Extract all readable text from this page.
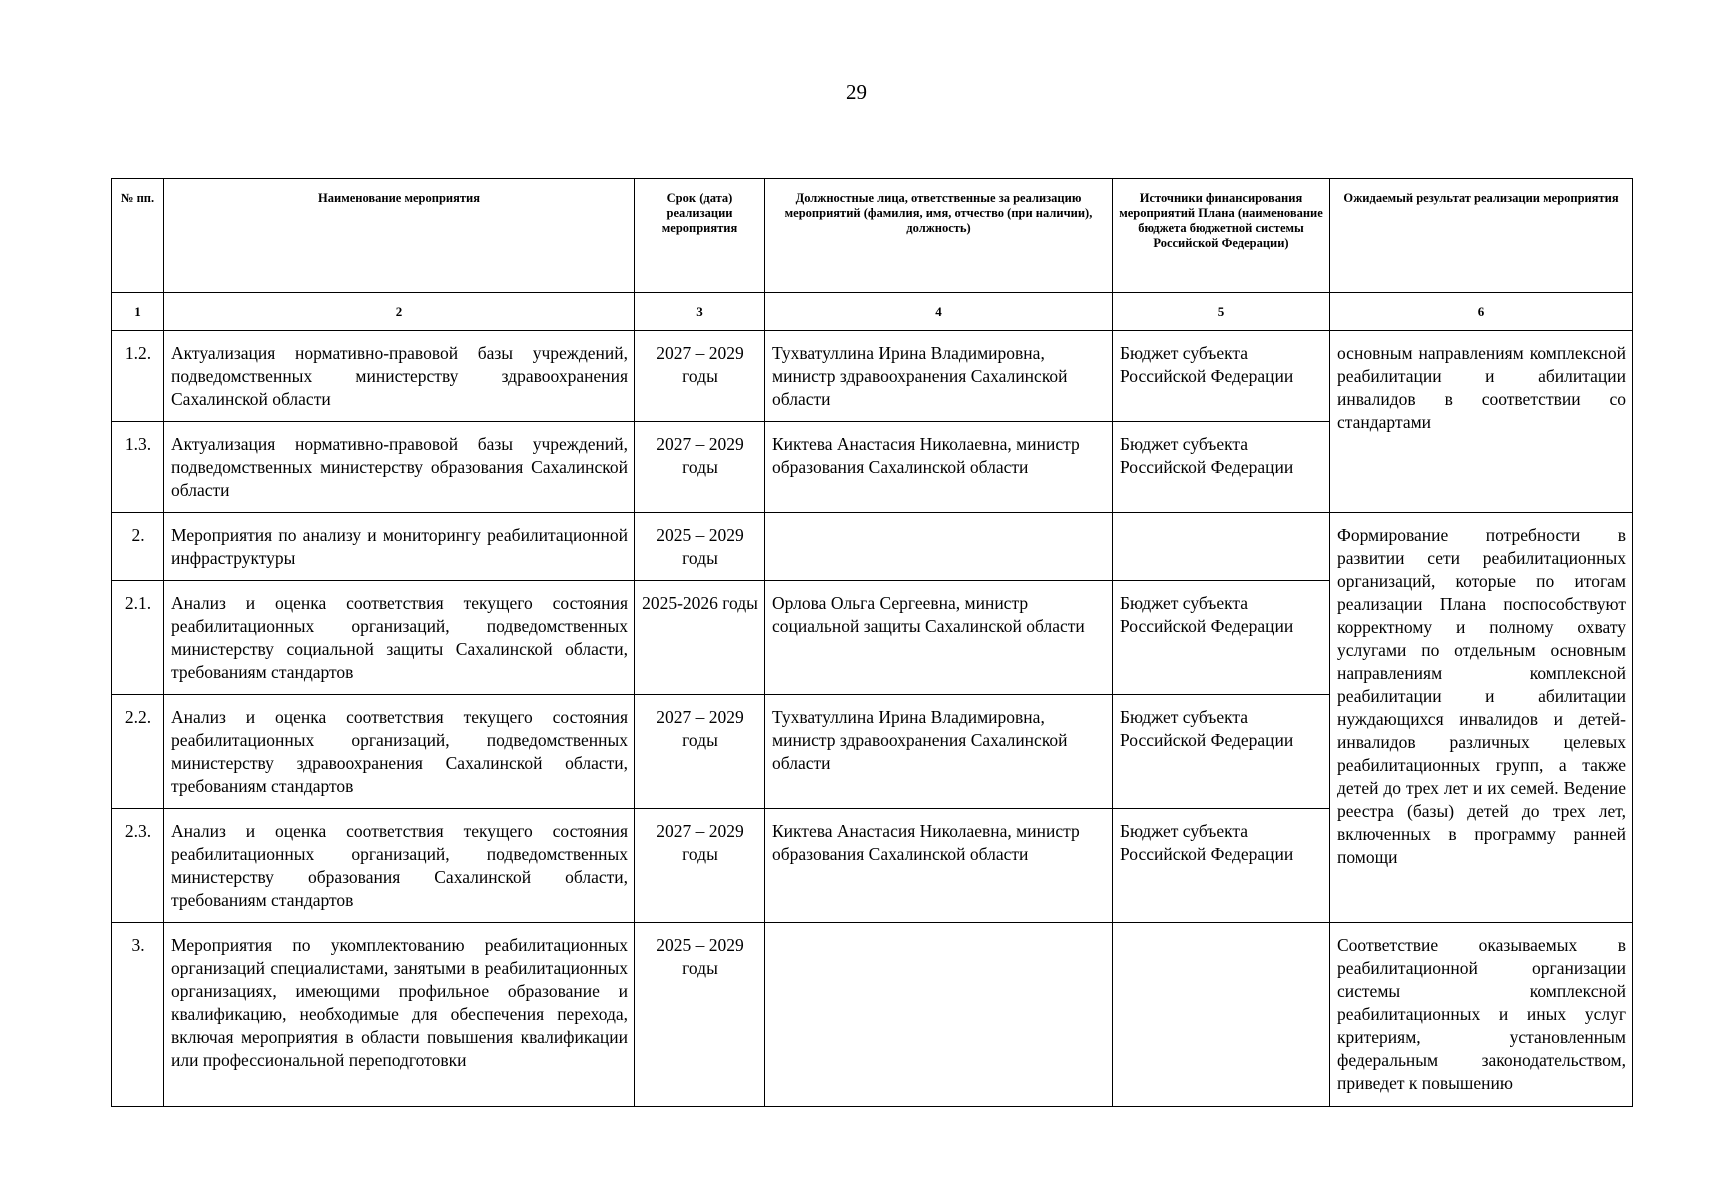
29
№ пп.	Наименование мероприятия	Срок (дата) реализации мероприятия	Должностные лица, ответственные за реализацию мероприятий (фамилия, имя, отчество (при наличии), должность)	Источники финансирования мероприятий Плана (наименование бюджета бюджетной системы Российской Федерации)	Ожидаемый результат реализации мероприятия
1	2	3	4	5	6
1.2.	Актуализация нормативно-правовой базы учреждений, подведомственных министерству здравоохранения Сахалинской области	2027 – 2029 годы	Тухватуллина Ирина Владимировна, министр здравоохранения Сахалинской области	Бюджет субъекта Российской Федерации	основным направлениям комплексной реабилитации и абилитации инвалидов в соответствии со стандартами
1.3.	Актуализация нормативно-правовой базы учреждений, подведомственных министерству образования Сахалинской области	2027 – 2029 годы	Киктева Анастасия Николаевна, министр образования Сахалинской области	Бюджет субъекта Российской Федерации	
2.	Мероприятия по анализу и мониторингу реабилитационной инфраструктуры	2025 – 2029 годы			Формирование потребности в развитии сети реабилитационных организаций, которые по итогам реализации Плана поспособствуют корректному и полному охвату услугами по отдельным основным направлениям комплексной реабилитации и абилитации нуждающихся инвалидов и детей-инвалидов различных целевых реабилитационных групп, а также детей до трех лет и их семей. Ведение реестра (базы) детей до трех лет, включенных в программу ранней помощи
2.1.	Анализ и оценка соответствия текущего состояния реабилитационных организаций, подведомственных министерству социальной защиты Сахалинской области, требованиям стандартов	2025-2026 годы	Орлова Ольга Сергеевна, министр социальной защиты Сахалинской области	Бюджет субъекта Российской Федерации	
2.2.	Анализ и оценка соответствия текущего состояния реабилитационных организаций, подведомственных министерству здравоохранения Сахалинской области, требованиям стандартов	2027 – 2029 годы	Тухватуллина Ирина Владимировна, министр здравоохранения Сахалинской области	Бюджет субъекта Российской Федерации	
2.3.	Анализ и оценка соответствия текущего состояния реабилитационных организаций, подведомственных министерству образования Сахалинской области, требованиям стандартов	2027 – 2029 годы	Киктева Анастасия Николаевна, министр образования Сахалинской области	Бюджет субъекта Российской Федерации	
3.	Мероприятия по укомплектованию реабилитационных организаций специалистами, занятыми в реабилитационных организациях, имеющими профильное образование и квалификацию, необходимые для обеспечения перехода, включая мероприятия в области повышения квалификации или профессиональной переподготовки	2025 – 2029 годы			Соответствие оказываемых в реабилитационной организации системы комплексной реабилитационных и иных услуг критериям, установленным федеральным законодательством, приведет к повышению
